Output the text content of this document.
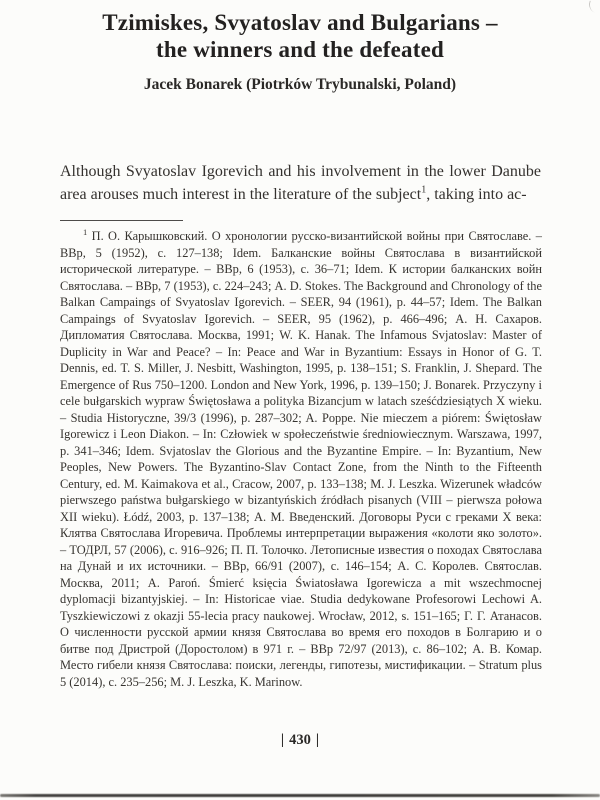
Tzimiskes, Svyatoslav and Bulgarians –
the winners and the defeated
Jacek Bonarek (Piotrków Trybunalski, Poland)

Although Svyatoslav Igorevich and his involvement in the lower Danube area arouses much interest in the literature of the subject$^1$, taking into ac-

$^1$ П. О. Карышковский. О хронологии русско-византийской войны при Святославе. – ВВр, 5 (1952), с. 127–138; Idem. Балканские войны Святослава в византийской исторической литературе. – ВВр, 6 (1953), с. 36–71; Idem. К истории балканских войн Святослава. – ВВр, 7 (1953), с. 224–243; A. D. Stokes. The Background and Chronology of the Balkan Campaings of Svyatoslav Igorevich. – SEER, 94 (1961), p. 44–57; Idem. The Balkan Campaings of Svyatoslav Igorevich. – SEER, 95 (1962), p. 466–496; А. Н. Сахаров. Дипломатия Святослава. Москва, 1991; W. K. Hanak. The Infamous Svjatoslav: Master of Duplicity in War and Peace? – In: Peace and War in Byzantium: Essays in Honor of G. T. Dennis, ed. T. S. Miller, J. Nesbitt, Washington, 1995, p. 138–151; S. Franklin, J. Shepard. The Emergence of Rus 750–1200. London and New York, 1996, p. 139–150; J. Bonarek. Przyczyny i cele bułgarskich wypraw Świętosława a polityka Bizancjum w latach sześćdziesiątych X wieku. – Studia Historyczne, 39/3 (1996), p. 287–302; A. Poppe. Nie mieczem a piórem: Świętosław Igorewicz i Leon Diakon. – In: Człowiek w społeczeństwie średniowiecznym. Warszawa, 1997, p. 341–346; Idem. Svjatoslav the Glorious and the Byzantine Empire. – In: Byzantium, New Peoples, New Powers. The Byzantino-Slav Contact Zone, from the Ninth to the Fifteenth Century, ed. M. Kaimakova et al., Cracow, 2007, p. 133–138; M. J. Leszka. Wizerunek władców pierwszego państwa bułgarskiego w bizantyńskich źródłach pisanych (VIII – pierwsza połowa XII wieku). Łódź, 2003, p. 137–138; А. М. Введенский. Договоры Руси с греками X века: Клятва Святослава Игоревича. Проблемы интерпретации выражения «колоти яко золото». – ТОДРЛ, 57 (2006), с. 916–926; П. П. Толочко. Летописные известия о походах Святослава на Дунай и их источники. – ВВр, 66/91 (2007), с. 146–154; А. С. Королев. Святослав. Москва, 2011; A. Paroń. Śmierć księcia Światosława Igorewicza a mit wszechmocnej dyplomacji bizantyjskiej. – In: Historicae viae. Studia dedykowane Profesorowi Lechowi A. Tyszkiewiczowi z okazji 55-lecia pracy naukowej. Wrocław, 2012, s. 151–165; Г. Г. Атанасов. О численности русской армии князя Святослава во время его походов в Болгарию и о битве под Дристрой (Доростолом) в 971 г. – ВВр 72/97 (2013), с. 86–102; А. В. Комар. Место гибели князя Святослава: поиски, легенды, гипотезы, мистификации. – Stratum plus 5 (2014), с. 235–256; M. J. Leszka, K. Marinow.

| 430 |
